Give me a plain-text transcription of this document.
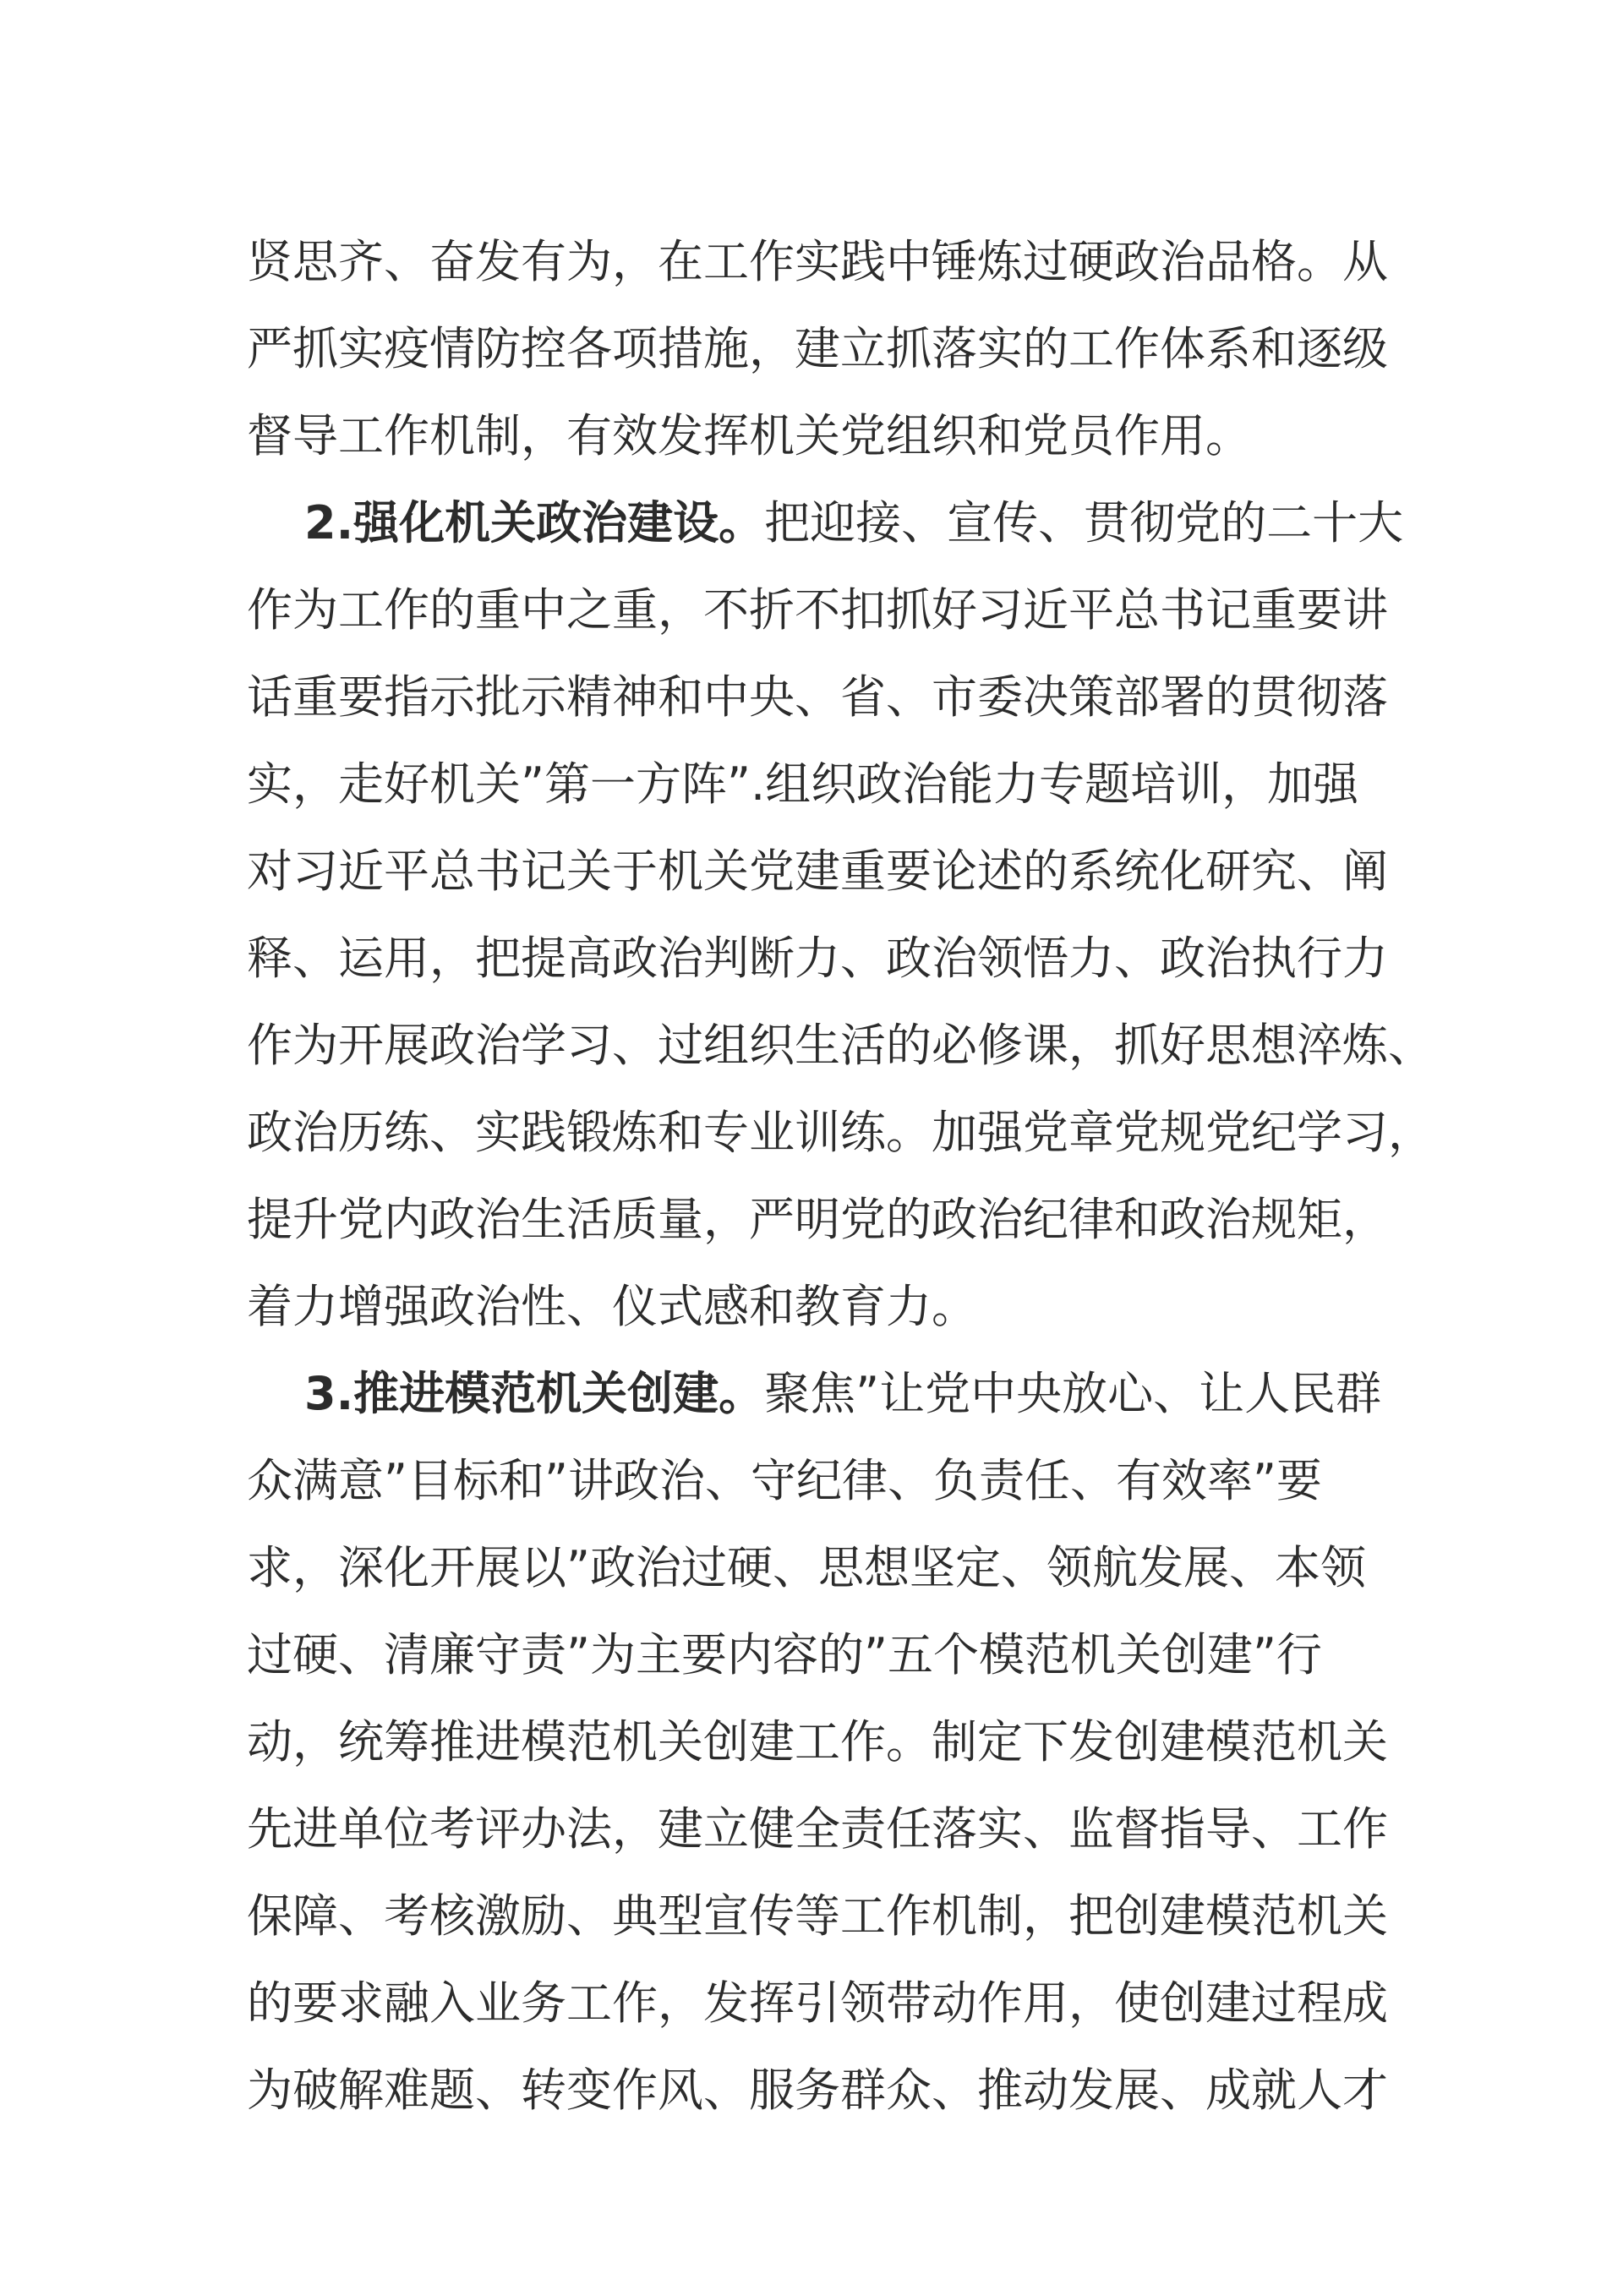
贤思齐、奋发有为，在工作实践中锤炼过硬政治品格。从
严抓实疫情防控各项措施，建立抓落实的工作体系和逐级
督导工作机制，有效发挥机关党组织和党员作用。
2.强化机关政治建设。把迎接、宣传、贯彻党的二十大
作为工作的重中之重，不折不扣抓好习近平总书记重要讲
话重要指示批示精神和中央、省、市委决策部署的贯彻落
实，走好机关”第一方阵”.组织政治能力专题培训，加强
对习近平总书记关于机关党建重要论述的系统化研究、阐
释、运用，把提高政治判断力、政治领悟力、政治执行力
作为开展政治学习、过组织生活的必修课，抓好思想淬炼、
政治历练、实践锻炼和专业训练。加强党章党规党纪学习，
提升党内政治生活质量，严明党的政治纪律和政治规矩，
着力增强政治性、仪式感和教育力。
3.推进模范机关创建。聚焦”让党中央放心、让人民群
众满意”目标和”讲政治、守纪律、负责任、有效率”要
求，深化开展以”政治过硬、思想坚定、领航发展、本领
过硬、清廉守责”为主要内容的”五个模范机关创建”行
动，统筹推进模范机关创建工作。制定下发创建模范机关
先进单位考评办法，建立健全责任落实、监督指导、工作
保障、考核激励、典型宣传等工作机制，把创建模范机关
的要求融入业务工作，发挥引领带动作用，使创建过程成
为破解难题、转变作风、服务群众、推动发展、成就人才
